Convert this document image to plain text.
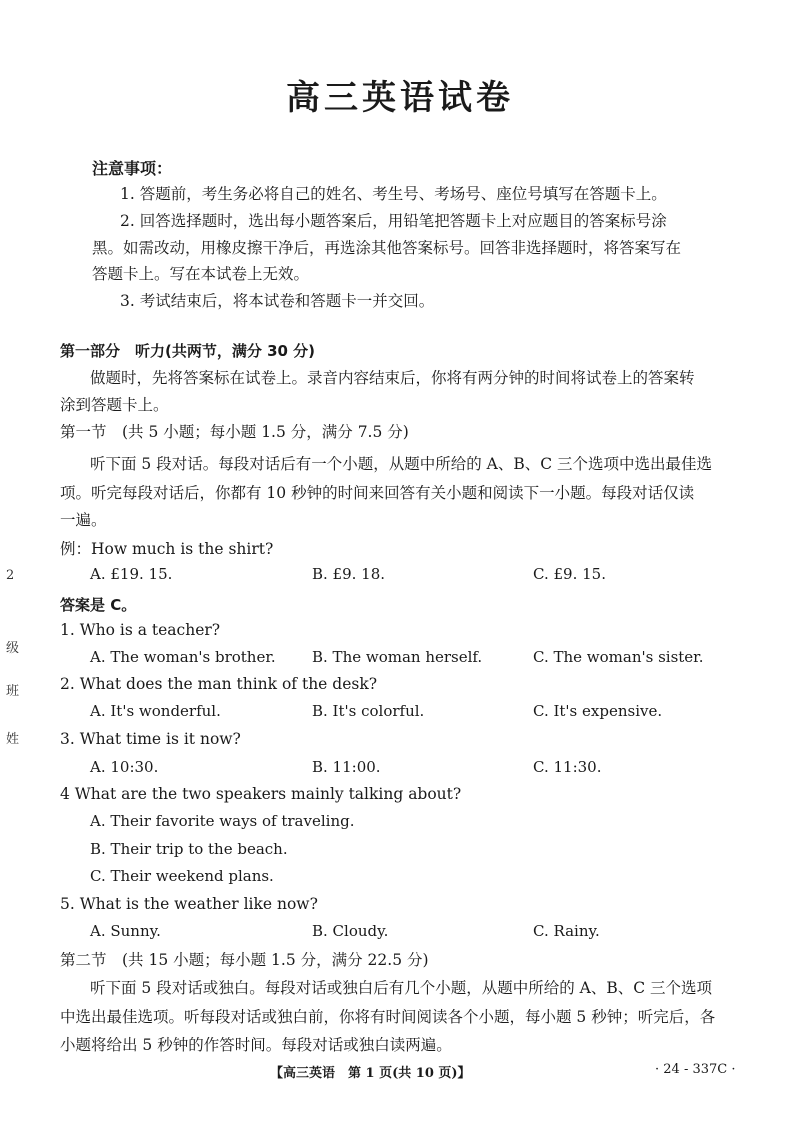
高三英语试卷
注意事项：
1. 答题前，考生务必将自己的姓名、考生号、考场号、座位号填写在答题卡上。
2. 回答选择题时，选出每小题答案后，用铅笔把答题卡上对应题目的答案标号涂
黑。如需改动，用橡皮擦干净后，再选涂其他答案标号。回答非选择题时，将答案写在
答题卡上。写在本试卷上无效。
3. 考试结束后，将本试卷和答题卡一并交回。
第一部分　听力(共两节，满分 30 分)
做题时，先将答案标在试卷上。录音内容结束后，你将有两分钟的时间将试卷上的答案转
涂到答题卡上。
第一节　(共 5 小题；每小题 1.5 分，满分 7.5 分)
听下面 5 段对话。每段对话后有一个小题，从题中所给的 A、B、C 三个选项中选出最佳选
项。听完每段对话后，你都有 10 秒钟的时间来回答有关小题和阅读下一小题。每段对话仅读
一遍。
例：How much is the shirt?
A. £19. 15.	B. £9. 18.	C. £9. 15.
答案是 C。
1. Who is a teacher?
A. The woman's brother. B. The woman herself.	C. The woman's sister.
2. What does the man think of the desk?
A. It's wonderful.	B. It's colorful.	C. It's expensive.
3. What time is it now?
A. 10:30.	B. 11:00.	C. 11:30.
4 What are the two speakers mainly talking about?
A. Their favorite ways of traveling.
B. Their trip to the beach.
C. Their weekend plans.
5. What is the weather like now?
A. Sunny.	B. Cloudy.	C. Rainy.
第二节　(共 15 小题；每小题 1.5 分，满分 22.5 分)
听下面 5 段对话或独白。每段对话或独白后有几个小题，从题中所给的 A、B、C 三个选项
中选出最佳选项。听每段对话或独白前，你将有时间阅读各个小题，每小题 5 秒钟；听完后，各
小题将给出 5 秒钟的作答时间。每段对话或独白读两遍。
【高三英语　第 1 页(共 10 页)】	· 24 - 337C ·
2
级
班
姓
